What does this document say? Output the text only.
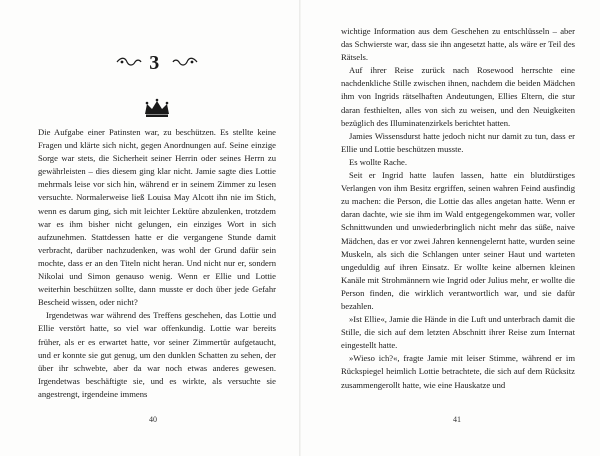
3

Die Aufgabe einer Patinsten war, zu beschützen. Es stellte keine Fragen und klärte sich nicht, gegen Anordnungen auf. Seine einzige Sorge war stets, die Sicherheit seiner Herrin oder seines Herrn zu gewährleisten – dies diesem ging klar nicht. Jamie sagte dies Lottie mehrmals leise vor sich hin, während er in seinem Zimmer zu lesen versuchte. Normalerweise ließ Louisa May Alcott ihn nie im Stich, wenn es darum ging, sich mit leichter Lektüre abzulenken, trotzdem war es ihm bisher nicht gelungen, ein einziges Wort in sich aufzunehmen. Stattdessen hatte er die vergangene Stunde damit verbracht, darüber nachzudenken, was wohl der Grund dafür sein mochte, dass er an den Titeln nicht heran. Und nicht nur er, sondern Nikolai und Simon genauso wenig. Wenn er Ellie und Lottie weiterhin beschützen sollte, dann musste er doch über jede Gefahr Bescheid wissen, oder nicht?

Irgendetwas war während des Treffens geschehen, das Lottie und Ellie verstört hatte, so viel war offenkundig. Lottie war bereits früher, als er es erwartet hatte, vor seiner Zimmertür aufgetaucht, und er konnte sie gut genug, um den dunklen Schatten zu sehen, der über ihr schwebte, aber da war noch etwas anderes gewesen. Irgendetwas beschäftigte sie, und es wirkte, als versuchte sie angestrengt, irgendeine immens

40

wichtige Information aus dem Geschehen zu entschlüsseln – aber das Schwierste war, dass sie ihn angesetzt hatte, als wäre er Teil des Rätsels.

Auf ihrer Reise zurück nach Rosewood herrschte eine nachdenkliche Stille zwischen ihnen, nachdem die beiden Mädchen ihm von Ingrids rätselhaften Andeutungen, Ellies Eltern, die stur daran festhielten, alles von sich zu weisen, und den Neuigkeiten bezüglich des Illuminatenzirkels berichtet hatten.

Jamies Wissensdurst hatte jedoch nicht nur damit zu tun, dass er Ellie und Lottie beschützen musste.

Es wollte Rache.

Seit er Ingrid hatte laufen lassen, hatte ein blutdürstiges Verlangen von ihm Besitz ergriffen, seinen wahren Feind ausfindig zu machen: die Person, die Lottie das alles angetan hatte. Wenn er daran dachte, wie sie ihm im Wald entgegengekommen war, voller Schnittwunden und unwiederbringlich nicht mehr das süße, naive Mädchen, das er vor zwei Jahren kennengelernt hatte, wurden seine Muskeln, als sich die Schlangen unter seiner Haut und warteten ungeduldig auf ihren Einsatz. Er wollte keine albernen kleinen Kanäle mit Strohmännern wie Ingrid oder Julius mehr, er wollte die Person finden, die wirklich verantwortlich war, und sie dafür bezahlen.

»Ist Ellie«, Jamie die Hände in die Luft und unterbrach damit die Stille, die sich auf dem letzten Abschnitt ihrer Reise zum Internat eingestellt hatte.

»Wieso ich?«, fragte Jamie mit leiser Stimme, während er im Rückspiegel heimlich Lottie betrachtete, die sich auf dem Rücksitz zusammengerollt hatte, wie eine Hauskatze und

41
